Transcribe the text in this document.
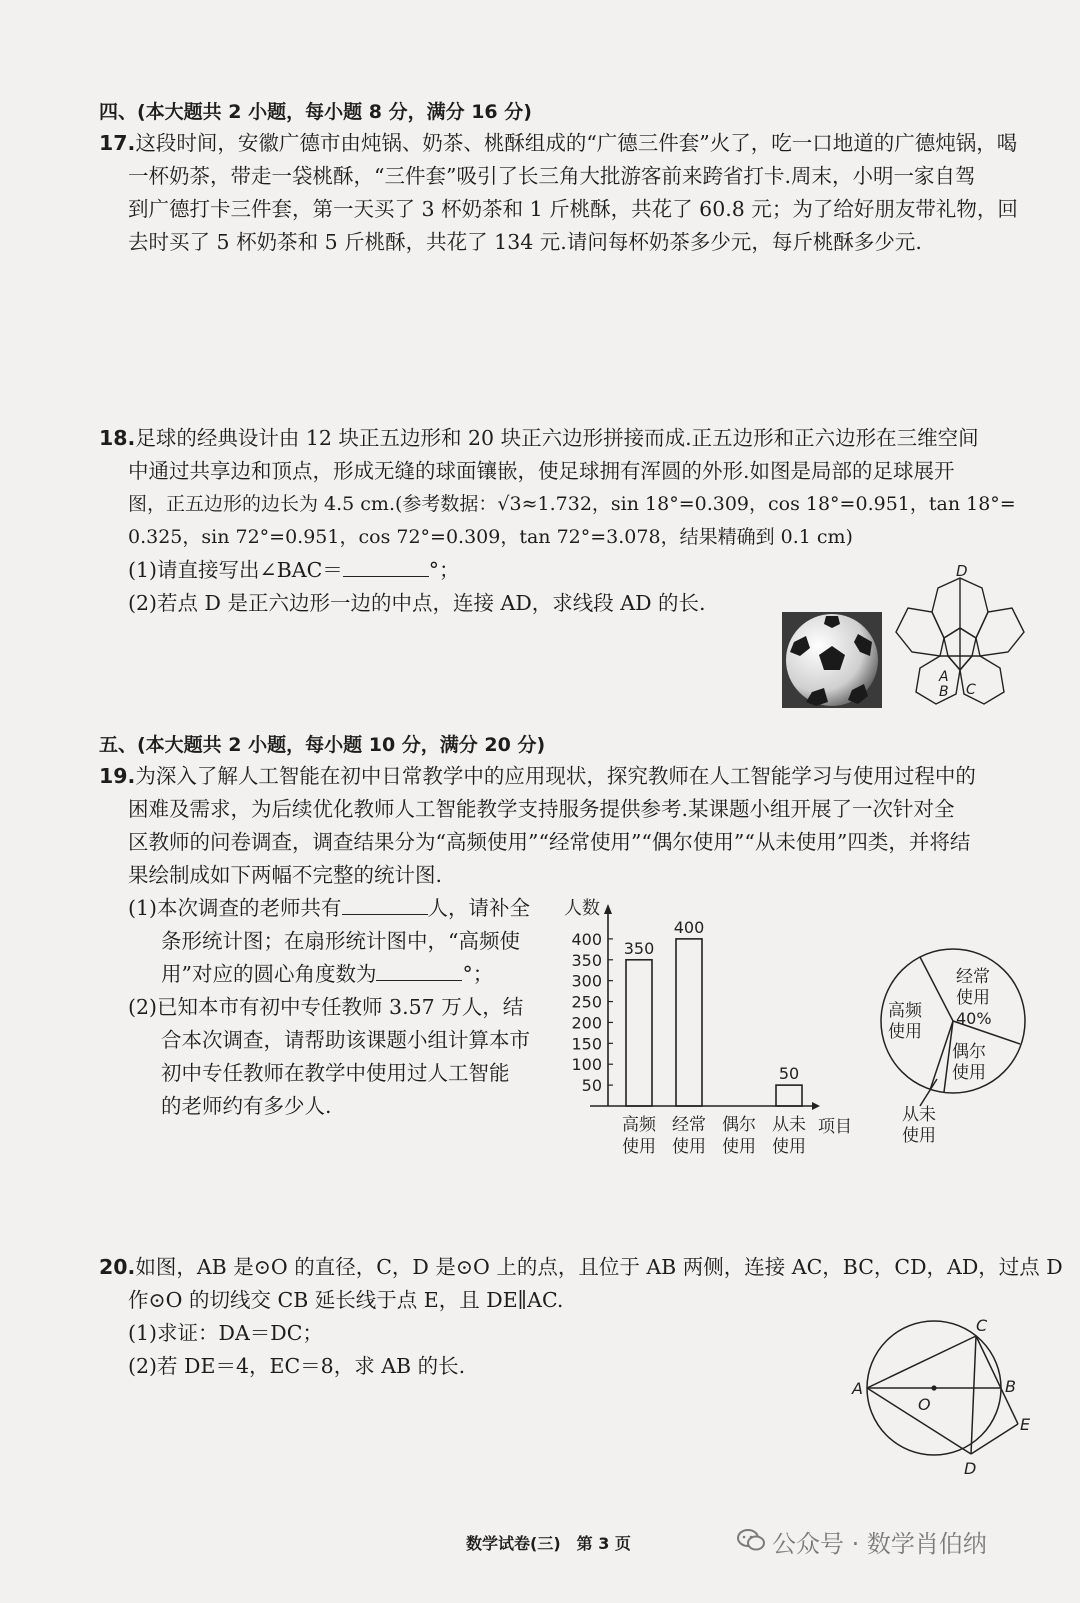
四、(本大题共 2 小题，每小题 8 分，满分 16 分)
17.这段时间，安徽广德市由炖锅、奶茶、桃酥组成的“广德三件套”火了，吃一口地道的广德炖锅，喝
一杯奶茶，带走一袋桃酥，“三件套”吸引了长三角大批游客前来跨省打卡.周末，小明一家自驾
到广德打卡三件套，第一天买了 3 杯奶茶和 1 斤桃酥，共花了 60.8 元；为了给好朋友带礼物，回
去时买了 5 杯奶茶和 5 斤桃酥，共花了 134 元.请问每杯奶茶多少元，每斤桃酥多少元.
18.足球的经典设计由 12 块正五边形和 20 块正六边形拼接而成.正五边形和正六边形在三维空间
中通过共享边和顶点，形成无缝的球面镶嵌，使足球拥有浑圆的外形.如图是局部的足球展开
图，正五边形的边长为 4.5 cm.(参考数据：√3≈1.732，sin 18°=0.309，cos 18°=0.951，tan 18°=
0.325，sin 72°=0.951，cos 72°=0.309，tan 72°=3.078，结果精确到 0.1 cm)
(1)请直接写出∠BAC＝	°；
(2)若点 D 是正六边形一边的中点，连接 AD，求线段 AD 的长.
D
A
B C
五、(本大题共 2 小题，每小题 10 分，满分 20 分)
19.为深入了解人工智能在初中日常教学中的应用现状，探究教师在人工智能学习与使用过程中的
困难及需求，为后续优化教师人工智能教学支持服务提供参考.某课题小组开展了一次针对全
区教师的问卷调查，调查结果分为“高频使用”“经常使用”“偶尔使用”“从未使用”四类，并将结
果绘制成如下两幅不完整的统计图.
(1)本次调查的老师共有	人，请补全
条形统计图；在扇形统计图中，“高频使
用”对应的圆心角度数为	°；
(2)已知本市有初中专任教师 3.57 万人，结
合本次调查，请帮助该课题小组计算本市
初中专任教师在教学中使用过人工智能
的老师约有多少人.
人数
项目
50
100
150
200
250
300
350
400 350
高频
使用
400
经常
使用
偶尔
使用
50
从未
使用
经常
使用
40%
高频
使用
偶尔
使用
从未
使用
20.如图，AB 是⊙O 的直径，C，D 是⊙O 上的点，且位于 AB 两侧，连接 AC，BC，CD，AD，过点 D
作⊙O 的切线交 CB 延长线于点 E，且 DE∥AC.
(1)求证：DA＝DC；
(2)若 DE＝4，EC＝8，求 AB 的长.
A	B
C
D
E
O
数学试卷(三)　第 3 页	公众号 · 数学肖伯纳
